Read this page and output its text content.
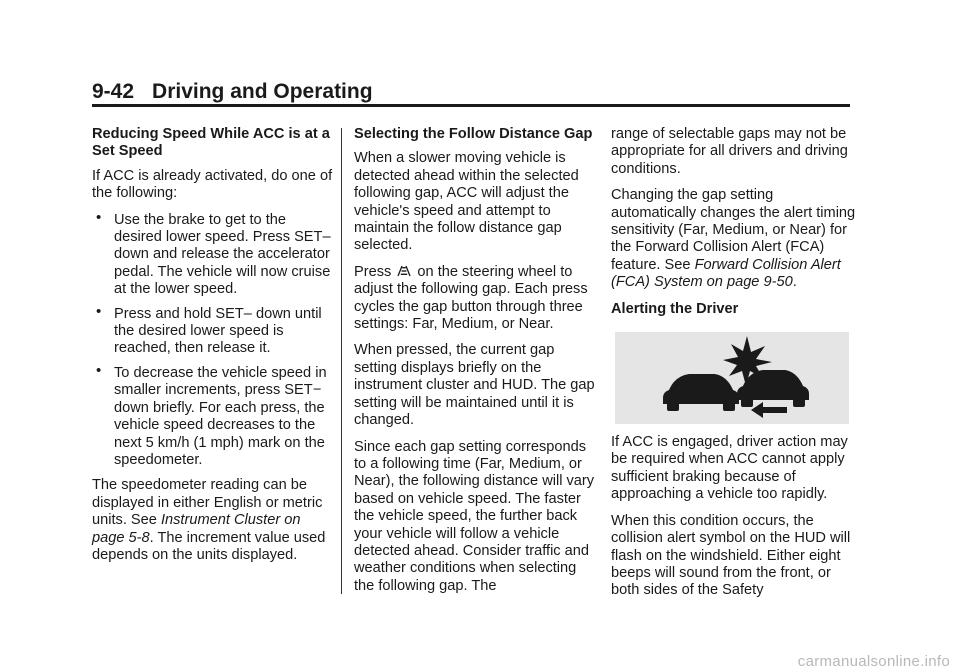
9-42 Driving and Operating

Reducing Speed While ACC is at a Set Speed

If ACC is already activated, do one of the following:

• Use the brake to get to the desired lower speed. Press SET– down and release the accelerator pedal. The vehicle will now cruise at the lower speed.
• Press and hold SET– down until the desired lower speed is reached, then release it.
• To decrease the vehicle speed in smaller increments, press SET− down briefly. For each press, the vehicle speed decreases to the next 5 km/h (1 mph) mark on the speedometer.

The speedometer reading can be displayed in either English or metric units. See Instrument Cluster on page 5-8. The increment value used depends on the units displayed.

Selecting the Follow Distance Gap

When a slower moving vehicle is detected ahead within the selected following gap, ACC will adjust the vehicle's speed and attempt to maintain the follow distance gap selected.

Press  on the steering wheel to adjust the following gap. Each press cycles the gap button through three settings: Far, Medium, or Near.

When pressed, the current gap setting displays briefly on the instrument cluster and HUD. The gap setting will be maintained until it is changed.

Since each gap setting corresponds to a following time (Far, Medium, or Near), the following distance will vary based on vehicle speed. The faster the vehicle speed, the further back your vehicle will follow a vehicle detected ahead. Consider traffic and weather conditions when selecting the following gap. The

range of selectable gaps may not be appropriate for all drivers and driving conditions.

Changing the gap setting automatically changes the alert timing sensitivity (Far, Medium, or Near) for the Forward Collision Alert (FCA) feature. See Forward Collision Alert (FCA) System on page 9-50.

Alerting the Driver

If ACC is engaged, driver action may be required when ACC cannot apply sufficient braking because of approaching a vehicle too rapidly.

When this condition occurs, the collision alert symbol on the HUD will flash on the windshield. Either eight beeps will sound from the front, or both sides of the Safety

carmanualsonline.info
